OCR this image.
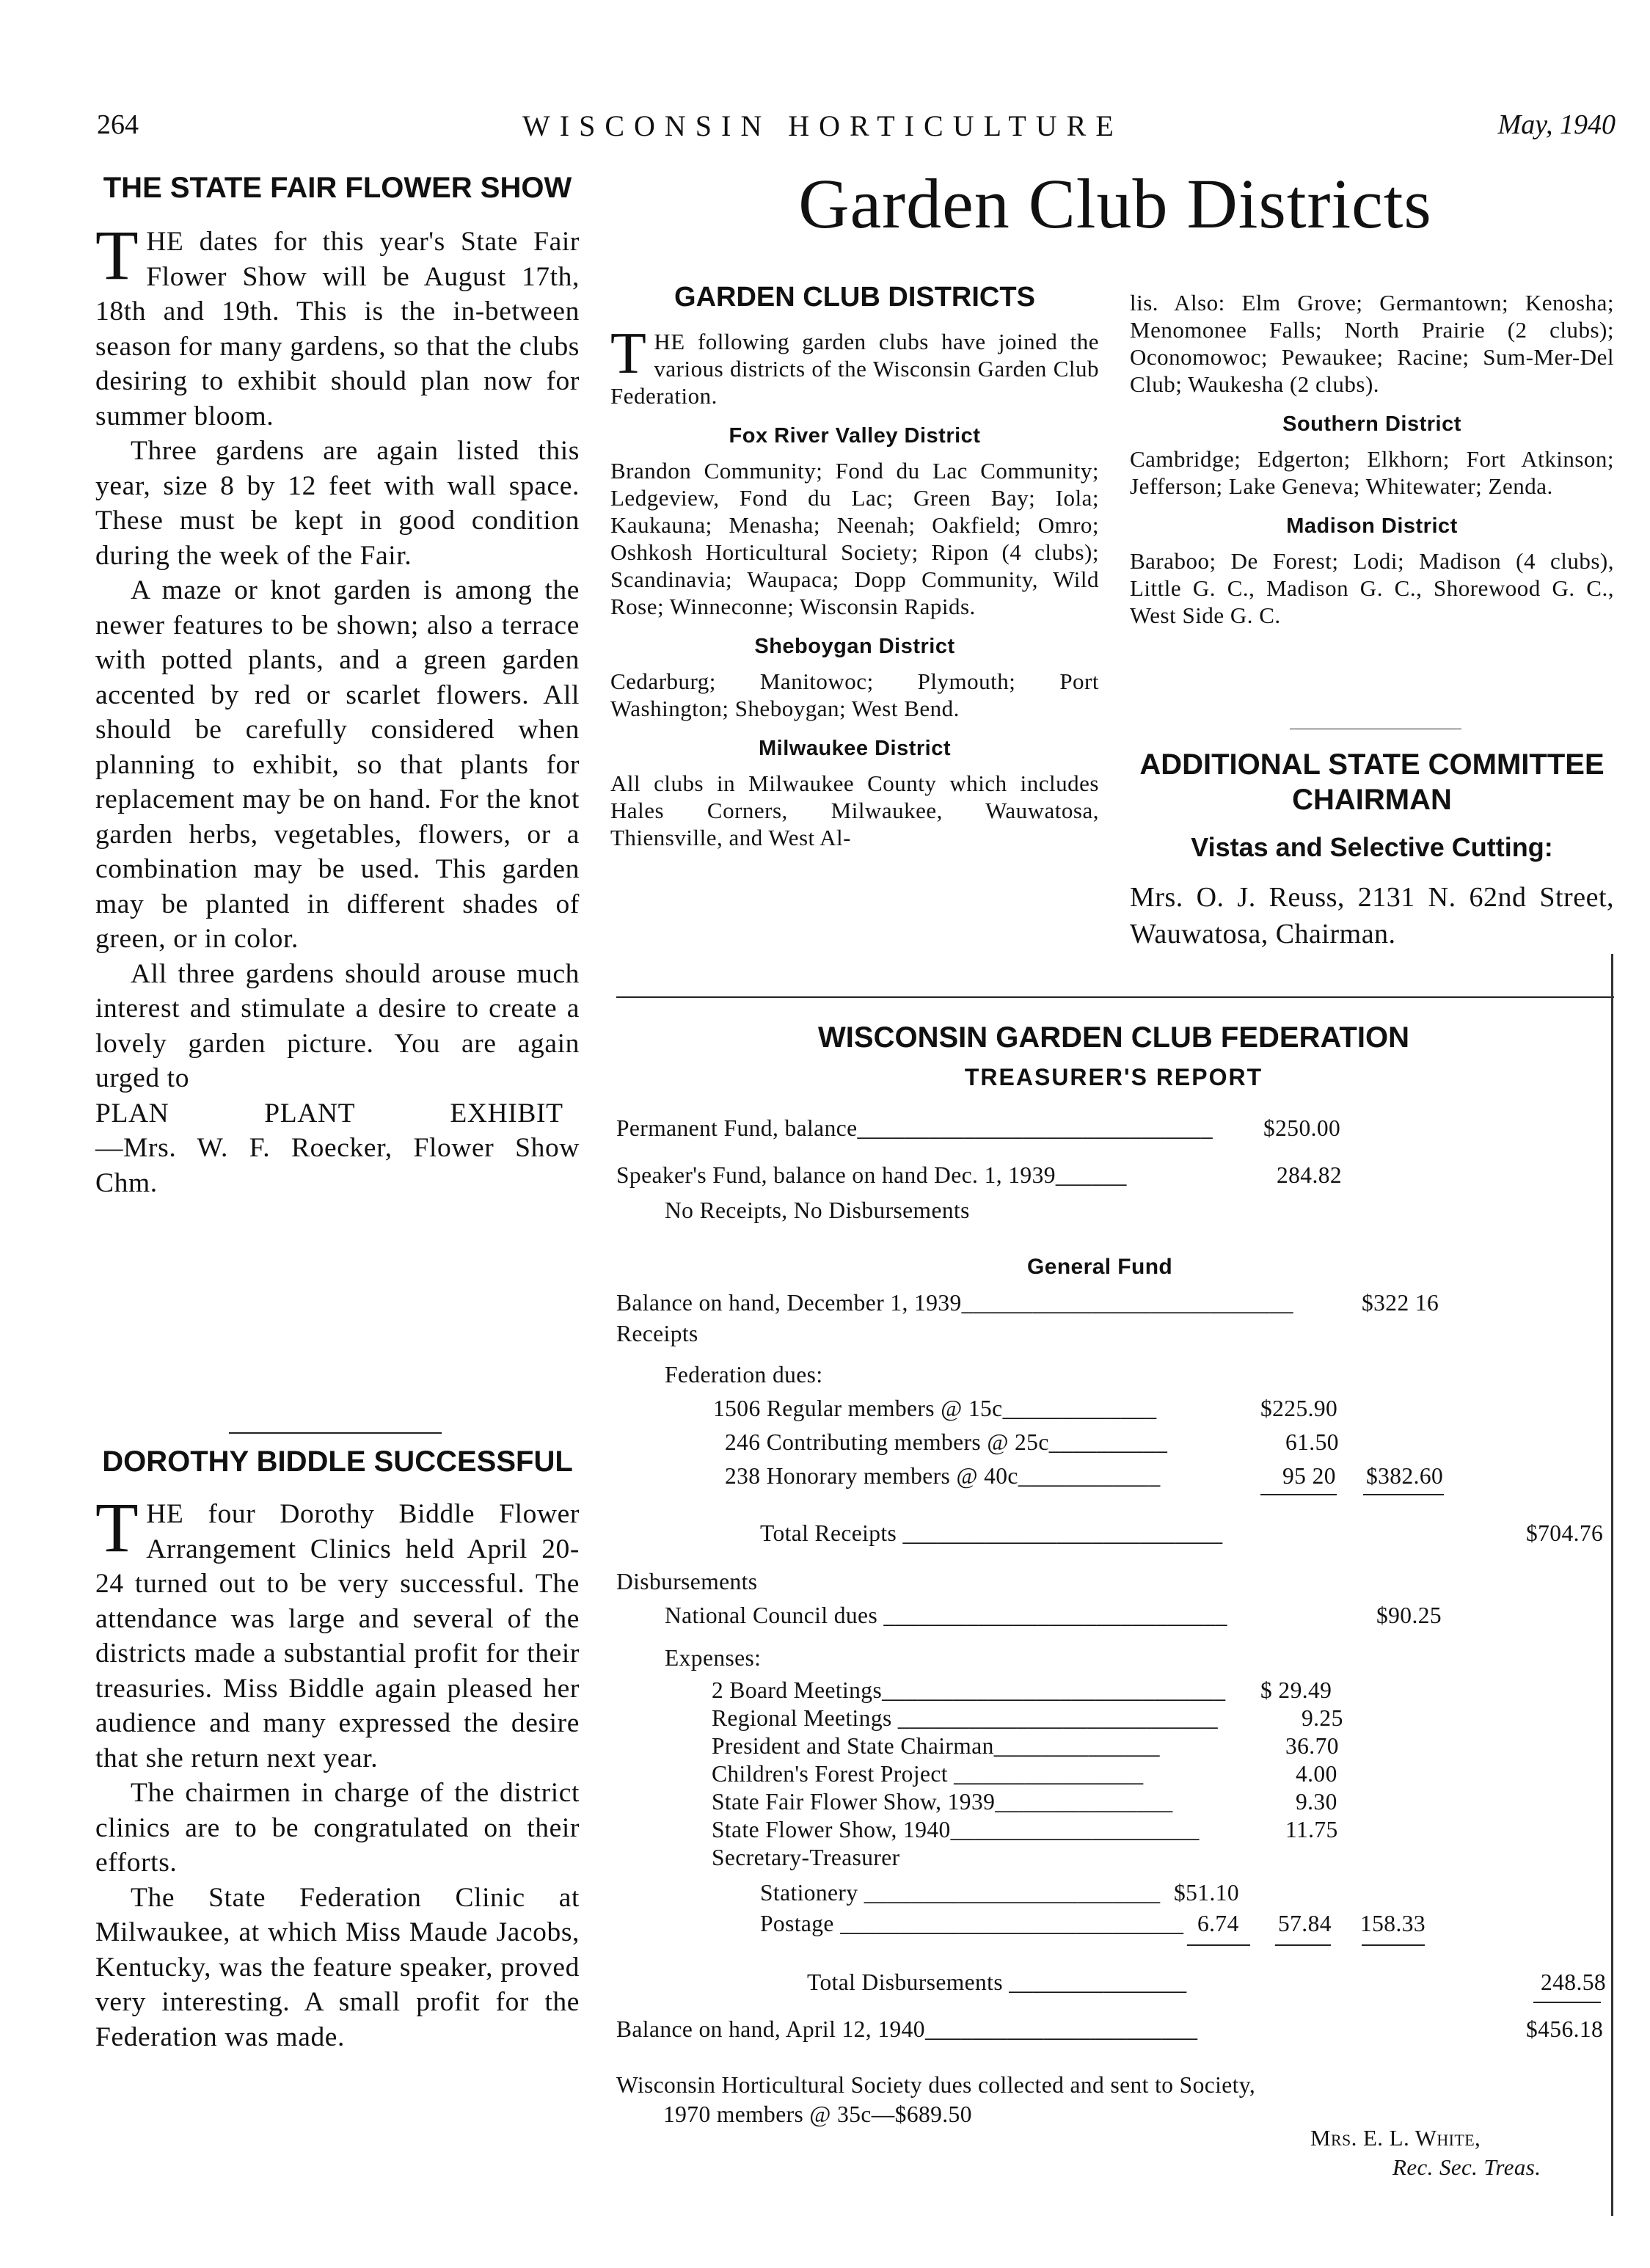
264	WISCONSIN HORTICULTURE	May, 1940
Garden Club Districts
THE STATE FAIR FLOWER SHOW

THE dates for this year's State Fair Flower Show will be August 17th, 18th and 19th. This is the in-between season for many gardens, so that the clubs desiring to exhibit should plan now for summer bloom.

Three gardens are again listed this year, size 8 by 12 feet with wall space. These must be kept in good condition during the week of the Fair.

A maze or knot garden is among the newer features to be shown; also a terrace with potted plants, and a green garden accented by red or scarlet flowers. All should be carefully considered when planning to exhibit, so that plants for replacement may be on hand. For the knot garden herbs, vegetables, flowers, or a combination may be used. This garden may be planted in different shades of green, or in color.

All three gardens should arouse much interest and stimulate a desire to create a lovely garden picture. You are again urged to

PLAN PLANT EXHIBIT

—Mrs. W. F. Roecker, Flower Show Chm.

DOROTHY BIDDLE SUCCESSFUL

THE four Dorothy Biddle Flower Arrangement Clinics held April 20-24 turned out to be very successful. The attendance was large and several of the districts made a substantial profit for their treasuries. Miss Biddle again pleased her audience and many expressed the desire that she return next year.

The chairmen in charge of the district clinics are to be congratulated on their efforts.

The State Federation Clinic at Milwaukee, at which Miss Maude Jacobs, Kentucky, was the feature speaker, proved very interesting. A small profit for the Federation was made.

GARDEN CLUB DISTRICTS

THE following garden clubs have joined the various districts of the Wisconsin Garden Club Federation.

Fox River Valley District

Brandon Community; Fond du Lac Community; Ledgeview, Fond du Lac; Green Bay; Iola; Kaukauna; Menasha; Neenah; Oakfield; Omro; Oshkosh Horticultural Society; Ripon (4 clubs); Scandinavia; Waupaca; Dopp Community, Wild Rose; Winneconne; Wisconsin Rapids.

Sheboygan District

Cedarburg; Manitowoc; Plymouth; Port Washington; Sheboygan; West Bend.

Milwaukee District

All clubs in Milwaukee County which includes Hales Corners, Milwaukee, Wauwatosa, Thiensville, and West Al-

lis. Also: Elm Grove; Germantown; Kenosha; Menomonee Falls; North Prairie (2 clubs); Oconomowoc; Pewaukee; Racine; Sum-Mer-Del Club; Waukesha (2 clubs).

Southern District

Cambridge; Edgerton; Elkhorn; Fort Atkinson; Jefferson; Lake Geneva; Whitewater; Zenda.

Madison District

Baraboo; De Forest; Lodi; Madison (4 clubs), Little G. C., Madison G. C., Shorewood G. C., West Side G. C.

ADDITIONAL STATE COMMITTEE CHAIRMAN
Vistas and Selective Cutting:

Mrs. O. J. Reuss, 2131 N. 62nd Street, Wauwatosa, Chairman.

WISCONSIN GARDEN CLUB FEDERATION
TREASURER'S REPORT
Permanent Fund, balance______________________________ $250.00
Speaker's Fund, balance on hand Dec. 1, 1939______	284.82
No Receipts, No Disbursements
General Fund
Balance on hand, December 1, 1939____________________________	$322 16
Receipts
Federation dues:
1506 Regular members @ 15c_____________	$225.90
246 Contributing members @ 25c__________	61.50
238 Honorary members @ 40c____________	95 20 $382.60
Total Receipts ___________________________	$704.76
Disbursements
National Council dues _____________________________	$90.25
Expenses:
2 Board Meetings_____________________________ $ 29.49
Regional Meetings ___________________________	9.25
President and State Chairman______________	36.70
Children's Forest Project ________________	4.00
State Fair Flower Show, 1939_______________	9.30
State Flower Show, 1940_____________________	11.75
Secretary-Treasurer
Stationery _________________________ $51.10
Postage _____________________________ 6.74 57.84 158.33
Total Disbursements _______________	248.58
Balance on hand, April 12, 1940_______________________	$456.18
Wisconsin Horticultural Society dues collected and sent to Society,
1970 members @ 35c—$689.50
Mrs. E. L. White,
Rec. Sec. Treas.
